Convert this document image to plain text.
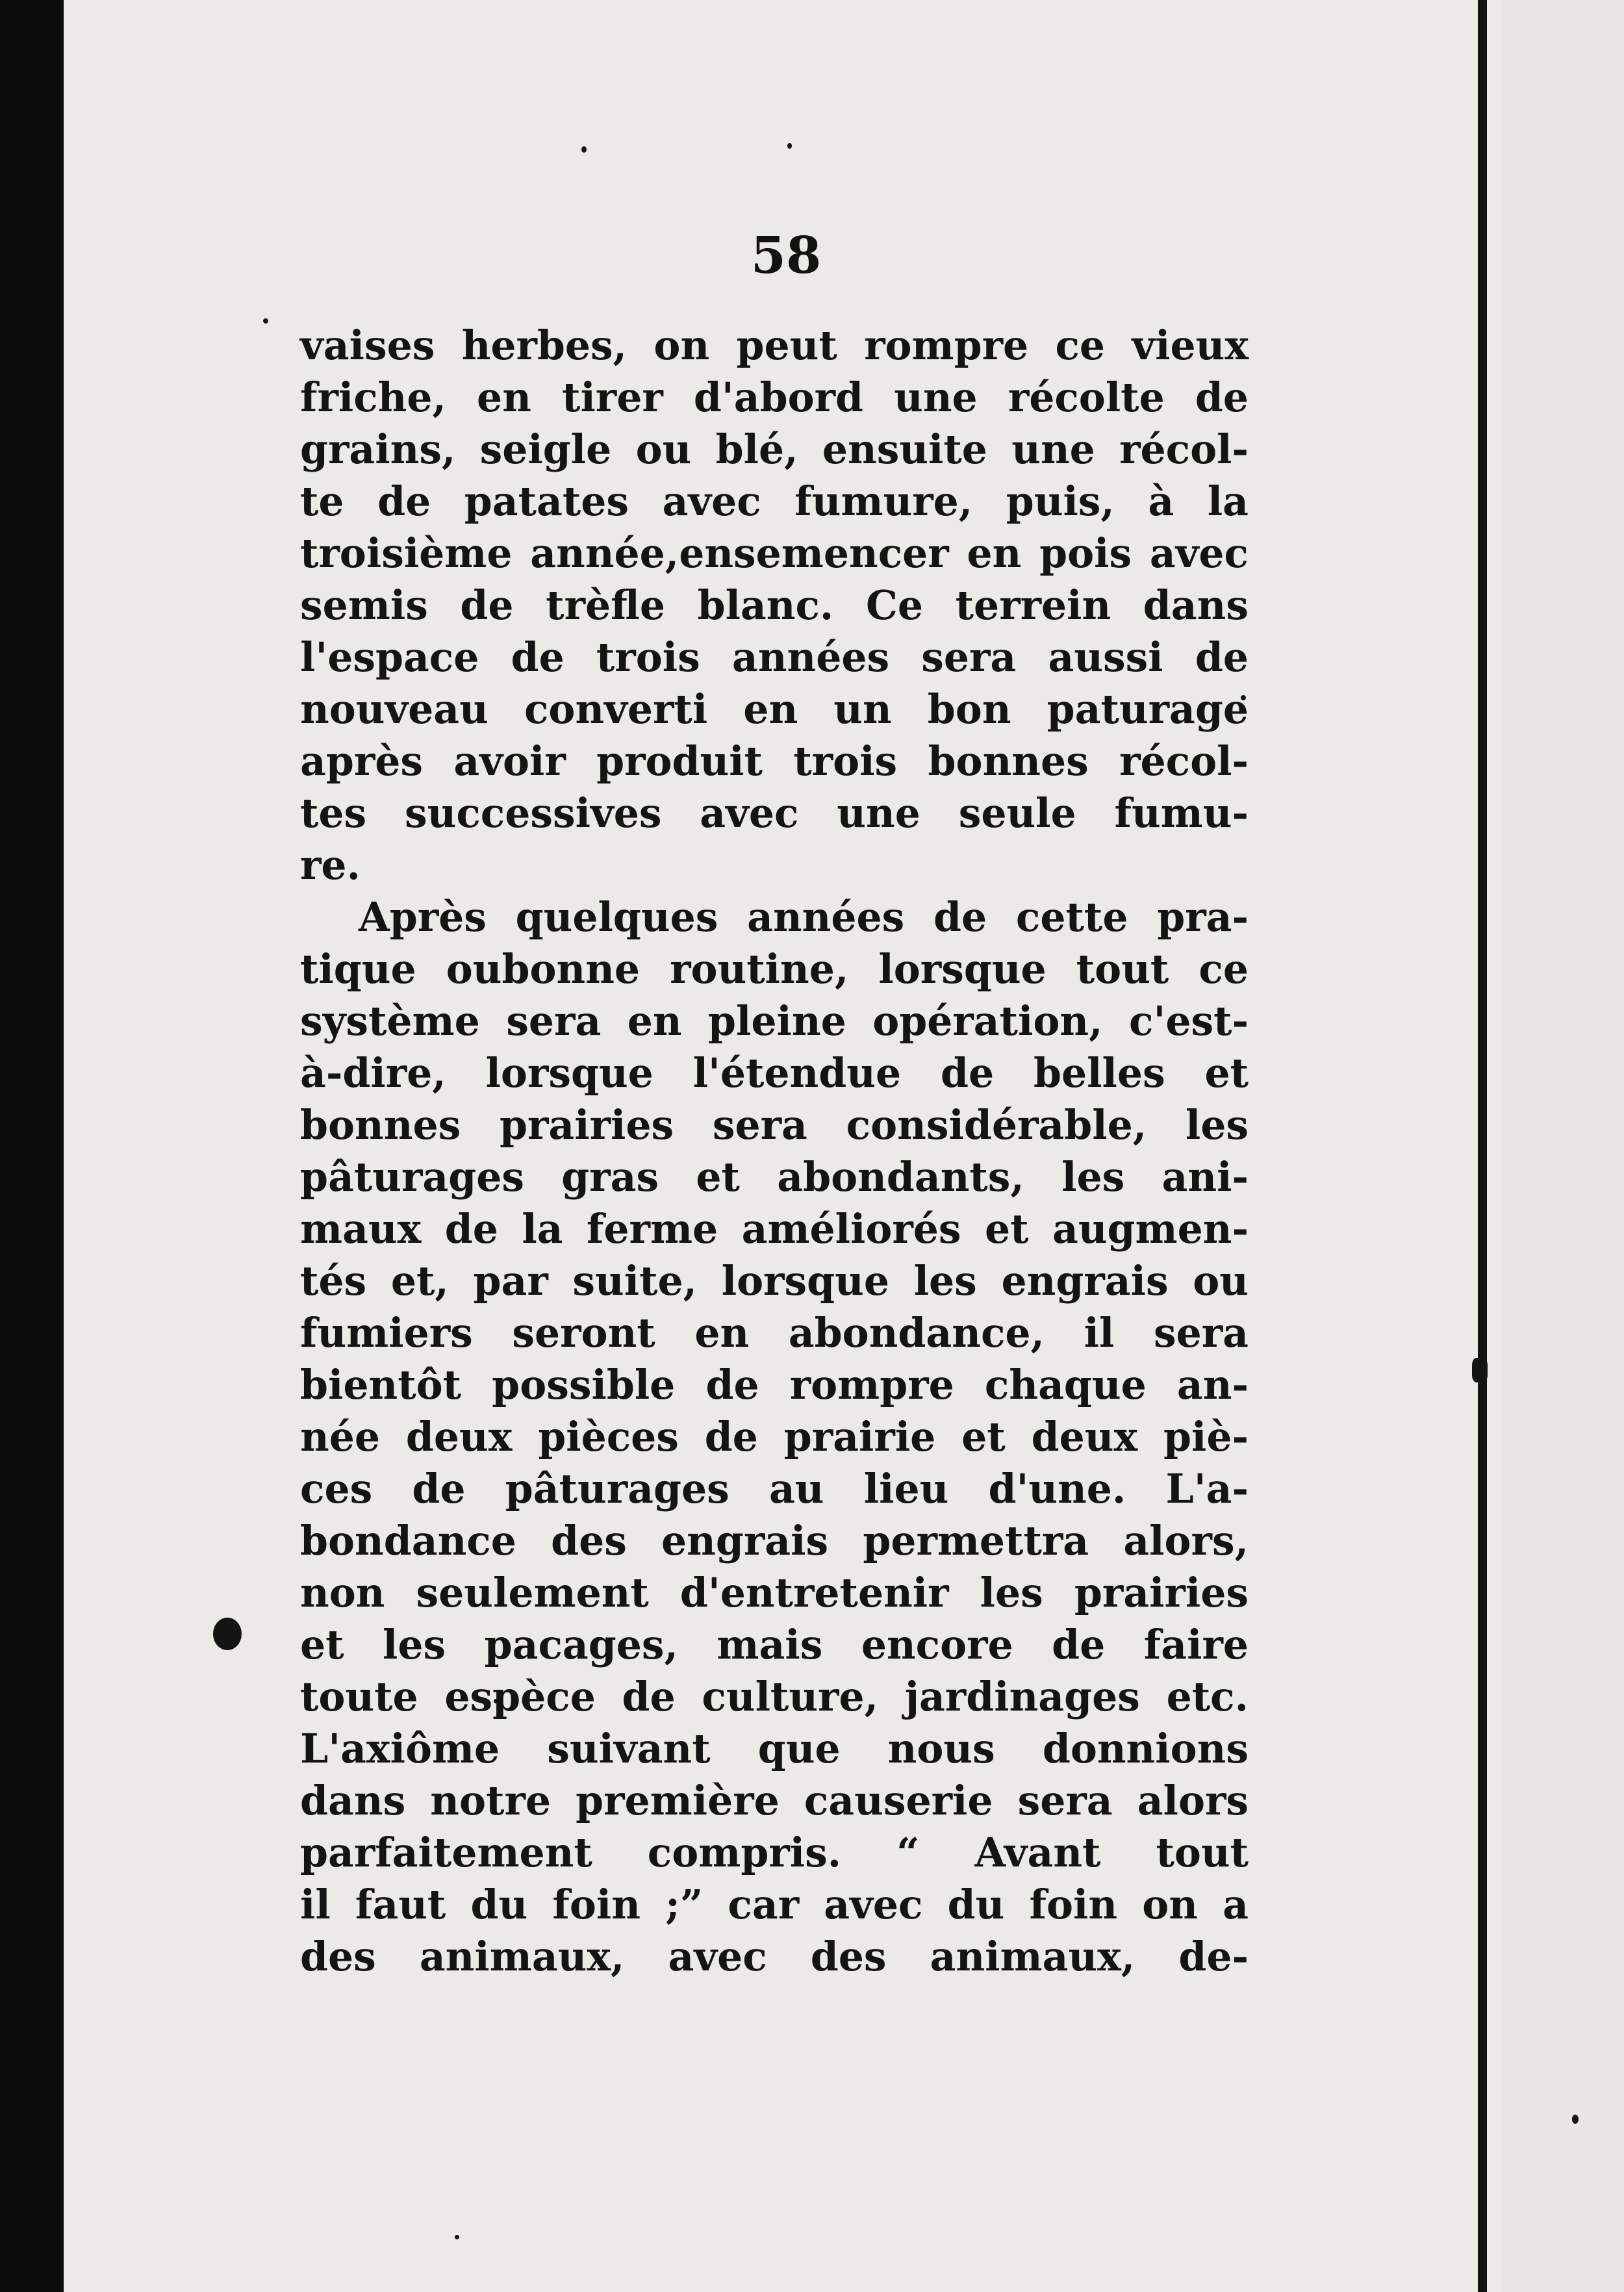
58
vaises herbes, on peut rompre ce vieux
friche, en tirer d'abord une récolte de
grains, seigle ou blé, ensuite une récol-
te de patates avec fumure, puis, à la
troisième année,ensemencer en pois avec
semis de trèfle blanc. Ce terrein dans
l'espace de trois années sera aussi de
nouveau converti en un bon paturage
après avoir produit trois bonnes récol-
tes successives avec une seule fumu-
re.
Après quelques années de cette pra-
tique oubonne routine, lorsque tout ce
système sera en pleine opération, c'est-
à-dire, lorsque l'étendue de belles et
bonnes prairies sera considérable, les
pâturages gras et abondants, les ani-
maux de la ferme améliorés et augmen-
tés et, par suite, lorsque les engrais ou
fumiers seront en abondance, il sera
bientôt possible de rompre chaque an-
née deux pièces de prairie et deux piè-
ces de pâturages au lieu d'une. L'a-
bondance des engrais permettra alors,
non seulement d'entretenir les prairies
et les pacages, mais encore de faire
toute espèce de culture, jardinages etc.
L'axiôme suivant que nous donnions
dans notre première causerie sera alors
parfaitement compris. “ Avant tout
il faut du foin ;” car avec du foin on a
des animaux, avec des animaux, de-
